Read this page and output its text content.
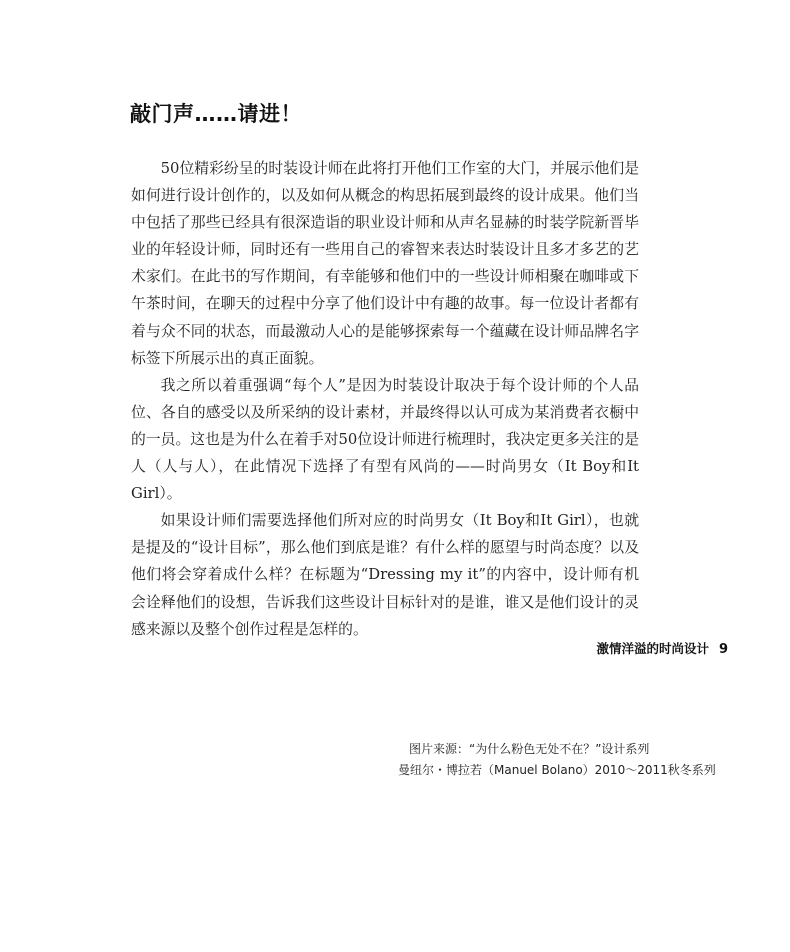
敲门声……请进！

50位精彩纷呈的时装设计师在此将打开他们工作室的大门，并展示他们是如何进行设计创作的，以及如何从概念的构思拓展到最终的设计成果。他们当中包括了那些已经具有很深造诣的职业设计师和从声名显赫的时装学院新晋毕业的年轻设计师，同时还有一些用自己的睿智来表达时装设计且多才多艺的艺术家们。在此书的写作期间，有幸能够和他们中的一些设计师相聚在咖啡或下午茶时间，在聊天的过程中分享了他们设计中有趣的故事。每一位设计者都有着与众不同的状态，而最激动人心的是能够探索每一个蕴藏在设计师品牌名字标签下所展示出的真正面貌。

我之所以着重强调“每个人”是因为时装设计取决于每个设计师的个人品位、各自的感受以及所采纳的设计素材，并最终得以认可成为某消费者衣橱中的一员。这也是为什么在着手对50位设计师进行梳理时，我决定更多关注的是人（人与人），在此情况下选择了有型有风尚的——时尚男女（It Boy和It Girl）。

如果设计师们需要选择他们所对应的时尚男女（It Boy和It Girl），也就是提及的“设计目标”，那么他们到底是谁？有什么样的愿望与时尚态度？以及他们将会穿着成什么样？在标题为“Dressing my it”的内容中，设计师有机会诠释他们的设想，告诉我们这些设计目标针对的是谁，谁又是他们设计的灵感来源以及整个创作过程是怎样的。

激情洋溢的时尚设计 9
图片来源：“为什么粉色无处不在？”设计系列
曼纽尔・博拉若（Manuel Bolano）2010～2011秋冬系列
